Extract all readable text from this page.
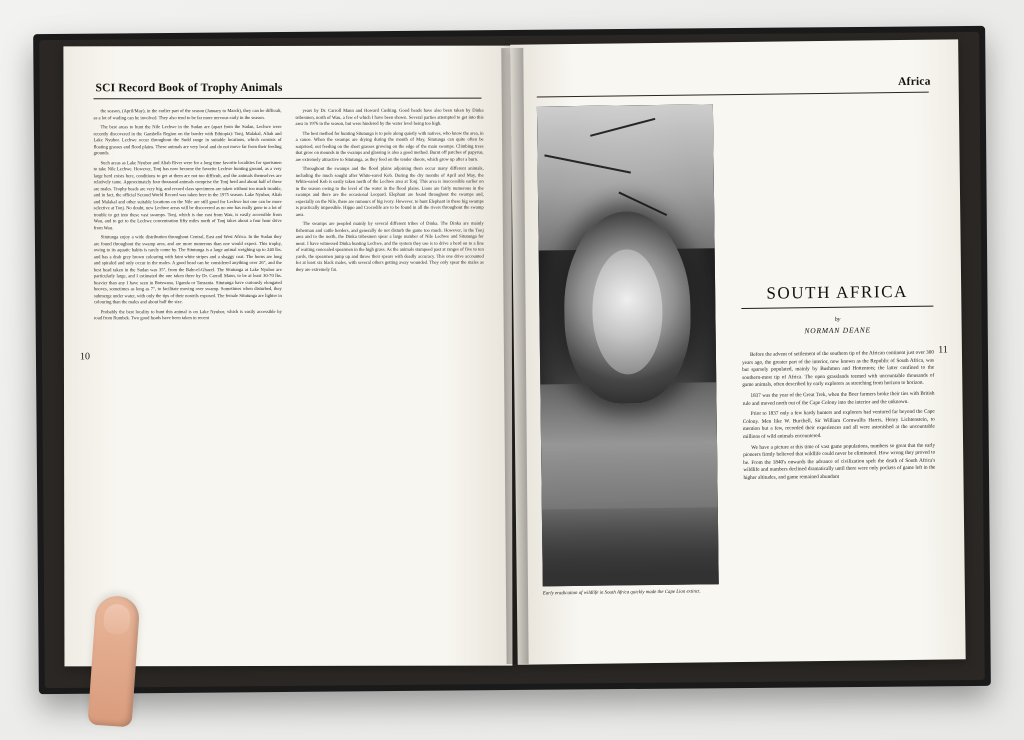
SCI Record Book of Trophy Animals
10

the season, (April/May), in the earlier part of the season (January to March), they can be difficult, as a lot of wading can be involved. They also tend to be far more nervous early in the season.

The best areas to hunt the Nile Lechwe in the Sudan are (apart from the Sudan, Lechwe were recently discovered in the Gambella Region on the border with Ethiopia): Tonj, Malakal, Aliab and Lake Nyubor. Lechwe occur throughout the Sudd range in suitable locations, which consists of floating grasses and flood plains. These animals are very local and do not move far from their feeding grounds.

Such areas as Lake Nyubor and Aliab River were for a long time favorite localities for sportsmen to take Nile Lechwe. However, Tonj has now become the favorite Lechwe hunting ground, as a very large herd exists here, conditions to get at them are not too difficult, and the animals themselves are relatively tame. Approximately four thousand animals comprise the Tonj herd and about half of these are males. Trophy heads are very big, and record class specimens are taken without too much trouble, and in fact, the official Second World Record was taken here in the 1975 season. Lake Nyubor, Aliab and Malakal and other suitable locations on the Nile are still good for Lechwe but one can be more selective at Tonj. No doubt, new Lechwe areas will be discovered as no one has really gone to a lot of trouble to get into these vast swamps. Tonj, which is due east from Wau, is easily accessible from Wau, and to get to the Lechwe concentration fifty miles north of Tonj takes about a four hour drive from Wau.

Situtunga enjoy a wide distribution throughout Central, East and West Africa. In the Sudan they are found throughout the swamp area, and are more numerous than one would expect. This trophy, owing to its aquatic habits is rarely come by. The Situtunga is a large animal weighing up to 240 lbs. and has a drab grey brown colouring with faint white stripes and a shaggy coat. The horns are long and spiraled and only occur in the males. A good head can be considered anything over 26", and the best head taken in the Sudan was 35", from the Bahr-el-Ghazel. The Situtunga at Lake Nyubor are particularly large, and I estimated the one taken there by Dr. Carroll Mann, to be at least 30-70 lbs. heavier than any I have seen in Botswana, Uganda or Tanzania. Situtunga have curiously elongated hooves, sometimes as long as 7", to facilitate moving over swamp. Sometimes when disturbed, they submerge under water, with only the tips of their nostrils exposed. The female Situtunga are lighter in colouring than the males and about half the size.

Probably the best locality to hunt this animal is on Lake Nyubor, which is easily accessible by road from Rumbek. Two good heads have been taken in recent

years by Dr. Carroll Mann and Howard Cushing. Good heads have also been taken by Dinka tribesmen, north of Wau, a few of which I have been shown. Several parties attempted to get into this area in 1976 in the season, but were hindered by the water level being too high.

The best method for hunting Situtunga is to pole along quietly with natives, who know the area, in a canoe. When the swamps are drying during the month of May, Situtunga can quite often be surprised, out feeding on the short grasses growing on the edge of the main swamps. Climbing trees that grow on mounds in the swamps and glassing is also a good method. Burnt off patches of papyrus, are extremely attractive to Situtunga, as they feed on the tender shoots, which grow up after a burn.

Throughout the swamps and the flood plains adjoining them occur many different animals, including the much sought after White-eared Kob. During the dry months of April and May, the White-eared Kob is easily taken north of the Lechwe area at Tonj. This area is inaccessible earlier on in the season owing to the level of the water in the flood plains. Lions are fairly numerous in the swamps and there are the occasional Leopard. Elephant are found throughout the swamps and, especially on the Nile, there are rumours of big ivory. However, to hunt Elephant in these big swamps is practically impossible. Hippo and Crocodile are to be found in all the rivers throughout the swamp area.

The swamps are peopled mainly by several different tribes of Dinka. The Dinka are mainly fisherman and cattle herders, and generally do not disturb the game too much. However, in the Tonj area and to the north, the Dinka tribesmen spear a large number of Nile Lechwe and Situtunga for meat. I have witnessed Dinka hunting Lechwe, and the system they use is to drive a herd on to a line of waiting concealed spearmen in the high grass. As the animals stampeed past at ranges of five to ten yards, the spearmen jump up and throw their spears with deadly accuracy. This one drive accounted for at least six black males, with several others getting away wounded. They only spear the males as they are extremely fat.

Africa
11
Early eradication of wildlife in South Africa quickly made the Cape Lion extinct.
SOUTH AFRICA
by
NORMAN DEANE

Before the advent of settlement of the southern tip of the African continent just over 300 years ago, the greater part of the interior, now known as the Republic of South Africa, was but sparsely populated, mainly by Bushmen and Hottentots; the latter confined to the southern-most tip of Africa. The open grasslands teemed with uncountable thousands of game animals, often described by early explorers as stretching from horizon to horizon.

1837 was the year of the Great Trek, when the Boer farmers broke their ties with British rule and moved north out of the Cape Colony into the interior and the unknown.

Prior to 1837 only a few hardy hunters and explorers had ventured far beyond the Cape Colony. Men like W. Burchell, Sir William Cornwallis Harris, Henry Lichtenstein, to mention but a few, recorded their experiences and all were astonished at the uncountable millions of wild animals encountered.

We have a picture at this time of vast game populations, numbers so great that the early pioneers firmly believed that wildlife could never be eliminated. How wrong they proved to be. From the 1840's onwards the advance of civilization spelt the death of South Africa's wildlife and numbers declined dramatically until there were only pockets of game left in the higher altitudes, and game remained abundant
